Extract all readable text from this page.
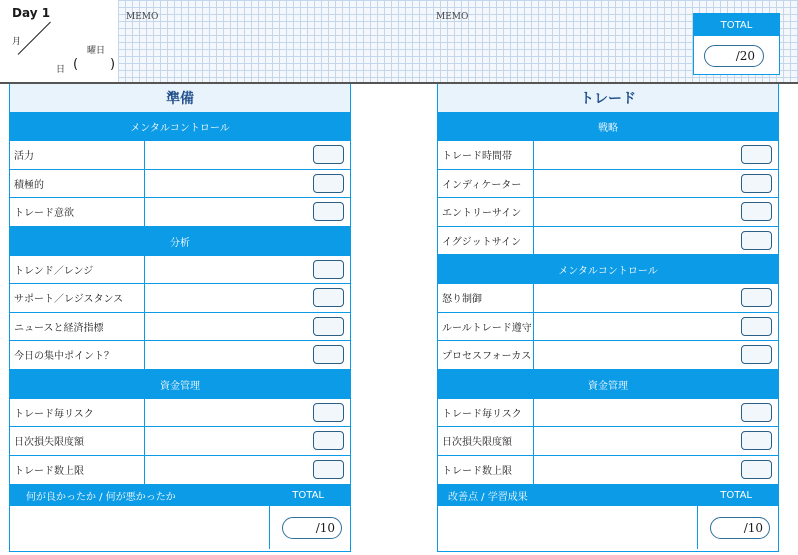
Day 1
月
日 (
曜日
)
MEMO	MEMO
TOTAL
/20
準備
メンタルコントロール
活力
積極的
トレード意欲
分析
トレンド／レンジ
サポート／レジスタンス
ニュースと経済指標
今日の集中ポイント？
資金管理
トレード毎リスク
日次損失限度額
トレード数上限
何が良かったか / 何が悪かったか	TOTAL
/10
トレード
戦略
トレード時間帯
インディケーター
エントリーサイン
イグジットサイン
メンタルコントロール
怒り制御
ルールトレード遵守
プロセスフォーカス
資金管理
トレード毎リスク
日次損失限度額
トレード数上限
改善点 / 学習成果	TOTAL
/10
